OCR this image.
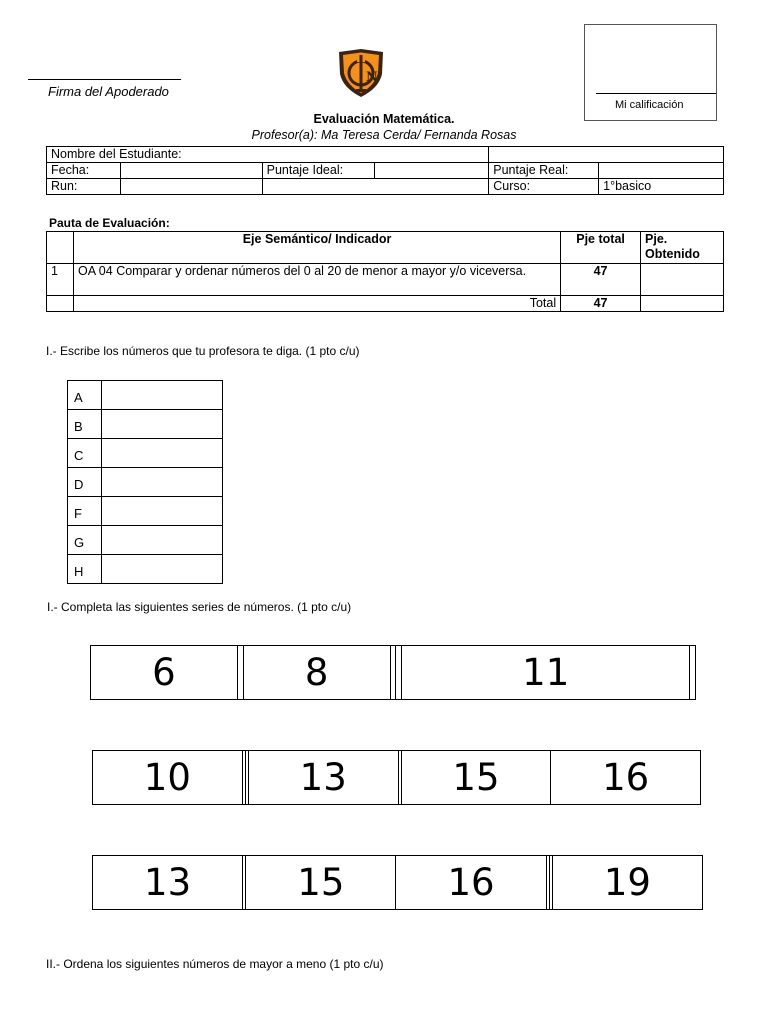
Firma del Apoderado
N
Mi calificación
Evaluación Matemática.
Profesor(a): Ma Teresa Cerda/ Fernanda Rosas
Nombre del Estudiante:					
Fecha:		Puntaje Ideal:		Puntaje Real:	
Run:				Curso:	1°basico
Pauta de Evaluación:
	Eje Semántico/ Indicador	Pje total	Pje. Obtenido
1	OA 04 Comparar y ordenar números del 0 al 20 de menor a mayor y/o viceversa.	47	
	Total	47	
I.- Escribe los números que tu profesora te diga. (1 pto c/u)
A	
B	
C	
D	
F	
G	
H	
I.- Completa las siguientes series de números. (1 pto c/u)
6		8			11	
10			13		15	16
13		15	16			19
II.- Ordena los siguientes números de mayor a meno (1 pto c/u)
